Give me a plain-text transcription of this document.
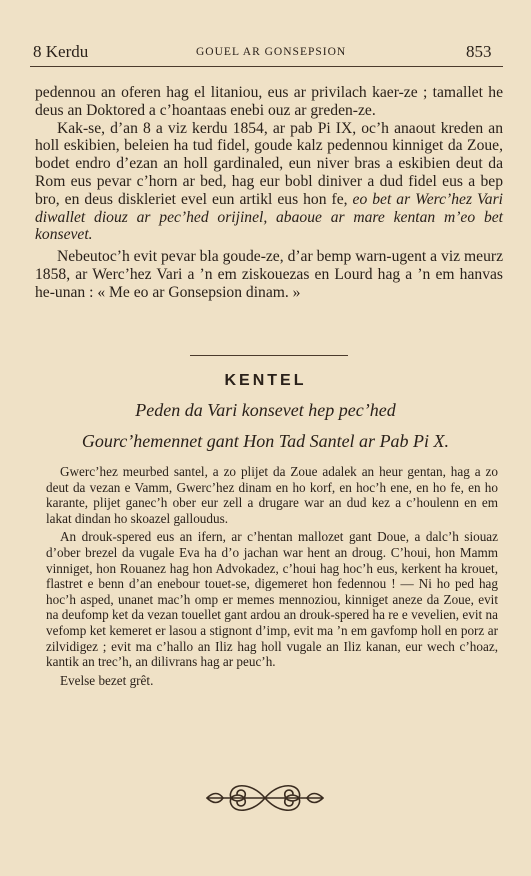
8 Kerdu	GOUEL AR GONSEPSION	853

pedennou an oferen hag el litaniou, eus ar privilach kaer-ze ; tamallet he deus an Doktored a c’hoantaas enebi ouz ar greden-ze.

Kak-se, d’an 8 a viz kerdu 1854, ar pab Pi IX, oc’h anaout kreden an holl eskibien, beleien ha tud fidel, goude kalz pedennou kinniget da Zoue, bodet endro d’ezan an holl gardinaled, eun niver bras a eskibien deut da Rom eus pevar c’horn ar bed, hag eur bobl diniver a dud fidel eus a bep bro, en deus diskleriet evel eun artikl eus hon fe, eo bet ar Werc’hez Vari diwallet diouz ar pec’hed orijinel, abaoue ar mare kentan m’eo bet konsevet.

Nebeutoc’h evit pevar bla goude-ze, d’ar bemp warn-ugent a viz meurz 1858, ar Werc’hez Vari a ’n em ziskouezas en Lourd hag a ’n em hanvas he-unan : « Me eo ar Gonsepsion dinam. »

KENTEL
Peden da Vari konsevet hep pec’hed
Gourc’hemennet gant Hon Tad Santel ar Pab Pi X.

Gwerc’hez meurbed santel, a zo plijet da Zoue adalek an heur gentan, hag a zo deut da vezan e Vamm, Gwerc’hez dinam en ho korf, en hoc’h ene, en ho fe, en ho karante, plijet ganec’h ober eur zell a drugare war an dud kez a c’houlenn en em lakat dindan ho skoazel galloudus.

An drouk-spered eus an ifern, ar c’hentan mallozet gant Doue, a dalc’h siouaz d’ober brezel da vugale Eva ha d’o jachan war hent an droug. C’houi, hon Mamm vinniget, hon Rouanez hag hon Advokadez, c’houi hag hoc’h eus, kerkent ha krouet, flastret e benn d’an enebour touet-se, digemeret hon fedennou ! — Ni ho ped hag hoc’h asped, unanet mac’h omp er memes mennoziou, kinniget aneze da Zoue, evit na deufomp ket da vezan touellet gant ardou an drouk-spered ha re e vevelien, evit na vefomp ket kemeret er lasou a stignont d’imp, evit ma ’n em gavfomp holl en porz ar zilvidigez ; evit ma c’hallo an Iliz hag holl vugale an Iliz kanan, eur wech c’hoaz, kantik an trec’h, an dilivrans hag ar peuc’h.

Evelse bezet grêt.
